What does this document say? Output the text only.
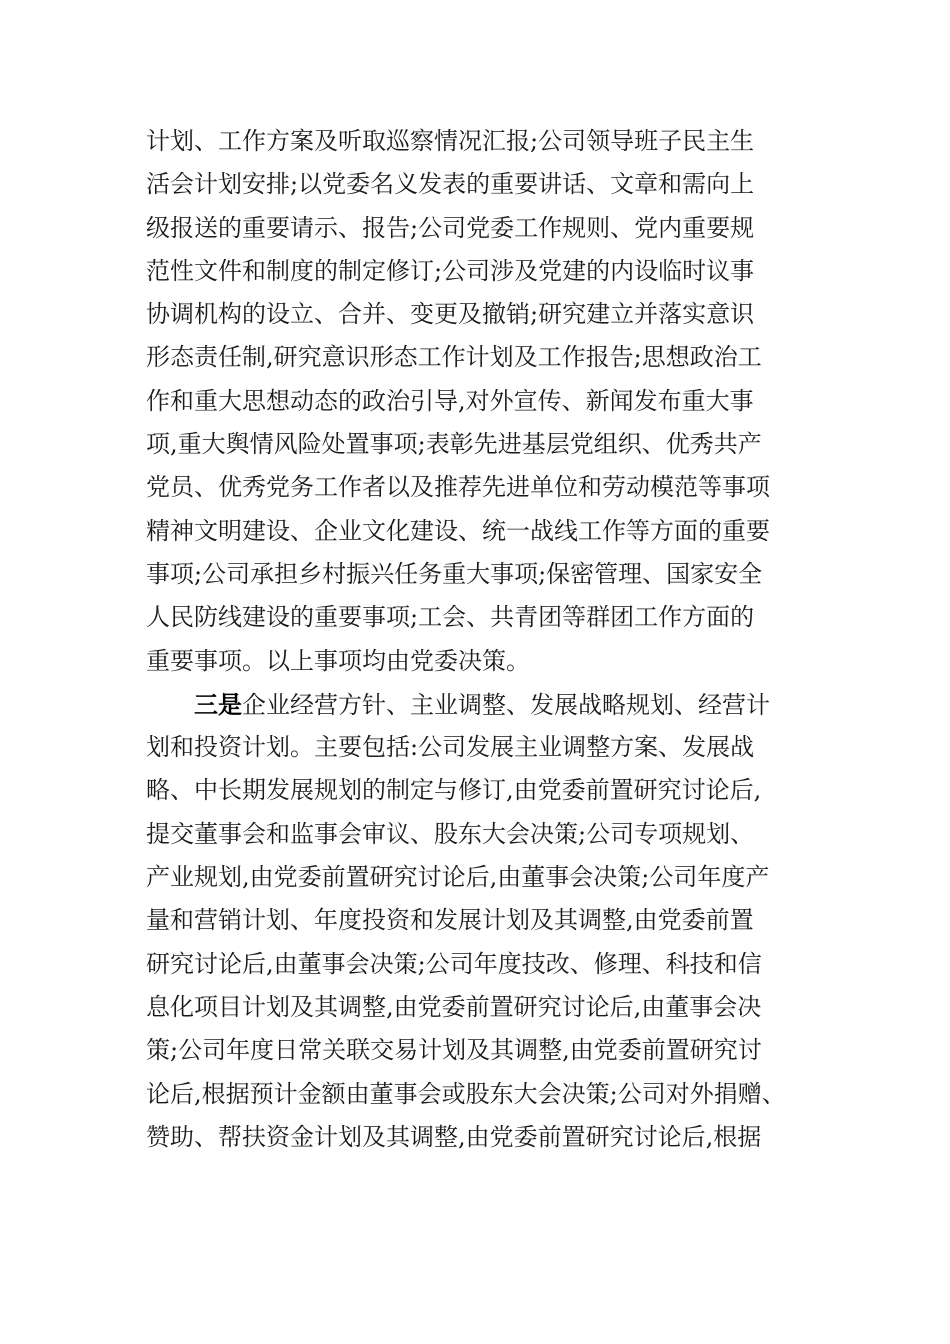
计划、工作方案及听取巡察情况汇报;公司领导班子民主生
活会计划安排;以党委名义发表的重要讲话、文章和需向上
级报送的重要请示、报告;公司党委工作规则、党内重要规
范性文件和制度的制定修订;公司涉及党建的内设临时议事
协调机构的设立、合并、变更及撤销;研究建立并落实意识
形态责任制,研究意识形态工作计划及工作报告;思想政治工
作和重大思想动态的政治引导,对外宣传、新闻发布重大事
项,重大舆情风险处置事项;表彰先进基层党组织、优秀共产
党员、优秀党务工作者以及推荐先进单位和劳动模范等事项
精神文明建设、企业文化建设、统一战线工作等方面的重要
事项;公司承担乡村振兴任务重大事项;保密管理、国家安全
人民防线建设的重要事项;工会、共青团等群团工作方面的
重要事项。以上事项均由党委决策。
三是企业经营方针、主业调整、发展战略规划、经营计
划和投资计划。主要包括:公司发展主业调整方案、发展战
略、中长期发展规划的制定与修订,由党委前置研究讨论后,
提交董事会和监事会审议、股东大会决策;公司专项规划、
产业规划,由党委前置研究讨论后,由董事会决策;公司年度产
量和营销计划、年度投资和发展计划及其调整,由党委前置
研究讨论后,由董事会决策;公司年度技改、修理、科技和信
息化项目计划及其调整,由党委前置研究讨论后,由董事会决
策;公司年度日常关联交易计划及其调整,由党委前置研究讨
论后,根据预计金额由董事会或股东大会决策;公司对外捐赠、
赞助、帮扶资金计划及其调整,由党委前置研究讨论后,根据
